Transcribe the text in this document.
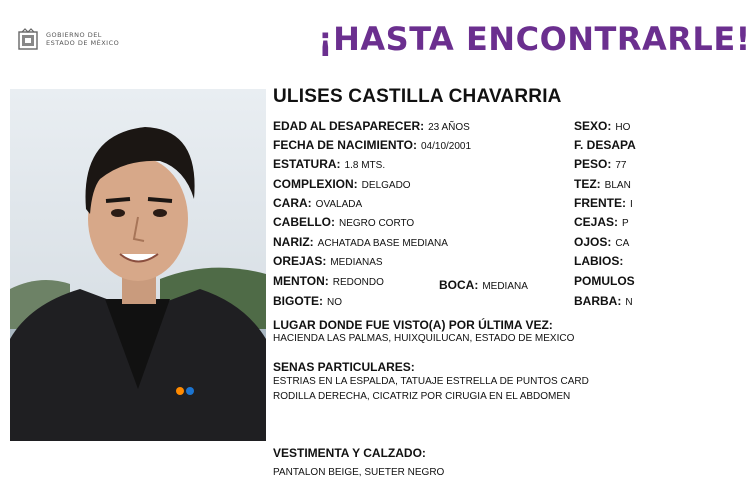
GOBIERNO DEL
ESTADO DE MÉXICO	¡HASTA ENCONTRARLE!
ULISES CASTILLA CHAVARRIA
EDAD AL DESAPARECER: 23 AÑOS
FECHA DE NACIMIENTO: 04/10/2001
ESTATURA: 1.8 MTS.
COMPLEXION: DELGADO
CARA: OVALADA
CABELLO: NEGRO CORTO
NARIZ: ACHATADA BASE MEDIANA
OREJAS: MEDIANAS
MENTON: REDONDO
BIGOTE: NO
BOCA: MEDIANA
SEXO: HO
F. DESAPA
PESO: 77
TEZ: BLAN
FRENTE: I
CEJAS: P
OJOS: CA
LABIOS:
POMULOS
BARBA: N
LUGAR DONDE FUE VISTO(A) POR ÚLTIMA VEZ:
HACIENDA LAS PALMAS, HUIXQUILUCAN, ESTADO DE MEXICO
SENAS PARTICULARES:
ESTRIAS EN LA ESPALDA, TATUAJE ESTRELLA DE PUNTOS CARD
RODILLA DERECHA, CICATRIZ POR CIRUGIA EN EL ABDOMEN
VESTIMENTA Y CALZADO:
PANTALON BEIGE, SUETER NEGRO
